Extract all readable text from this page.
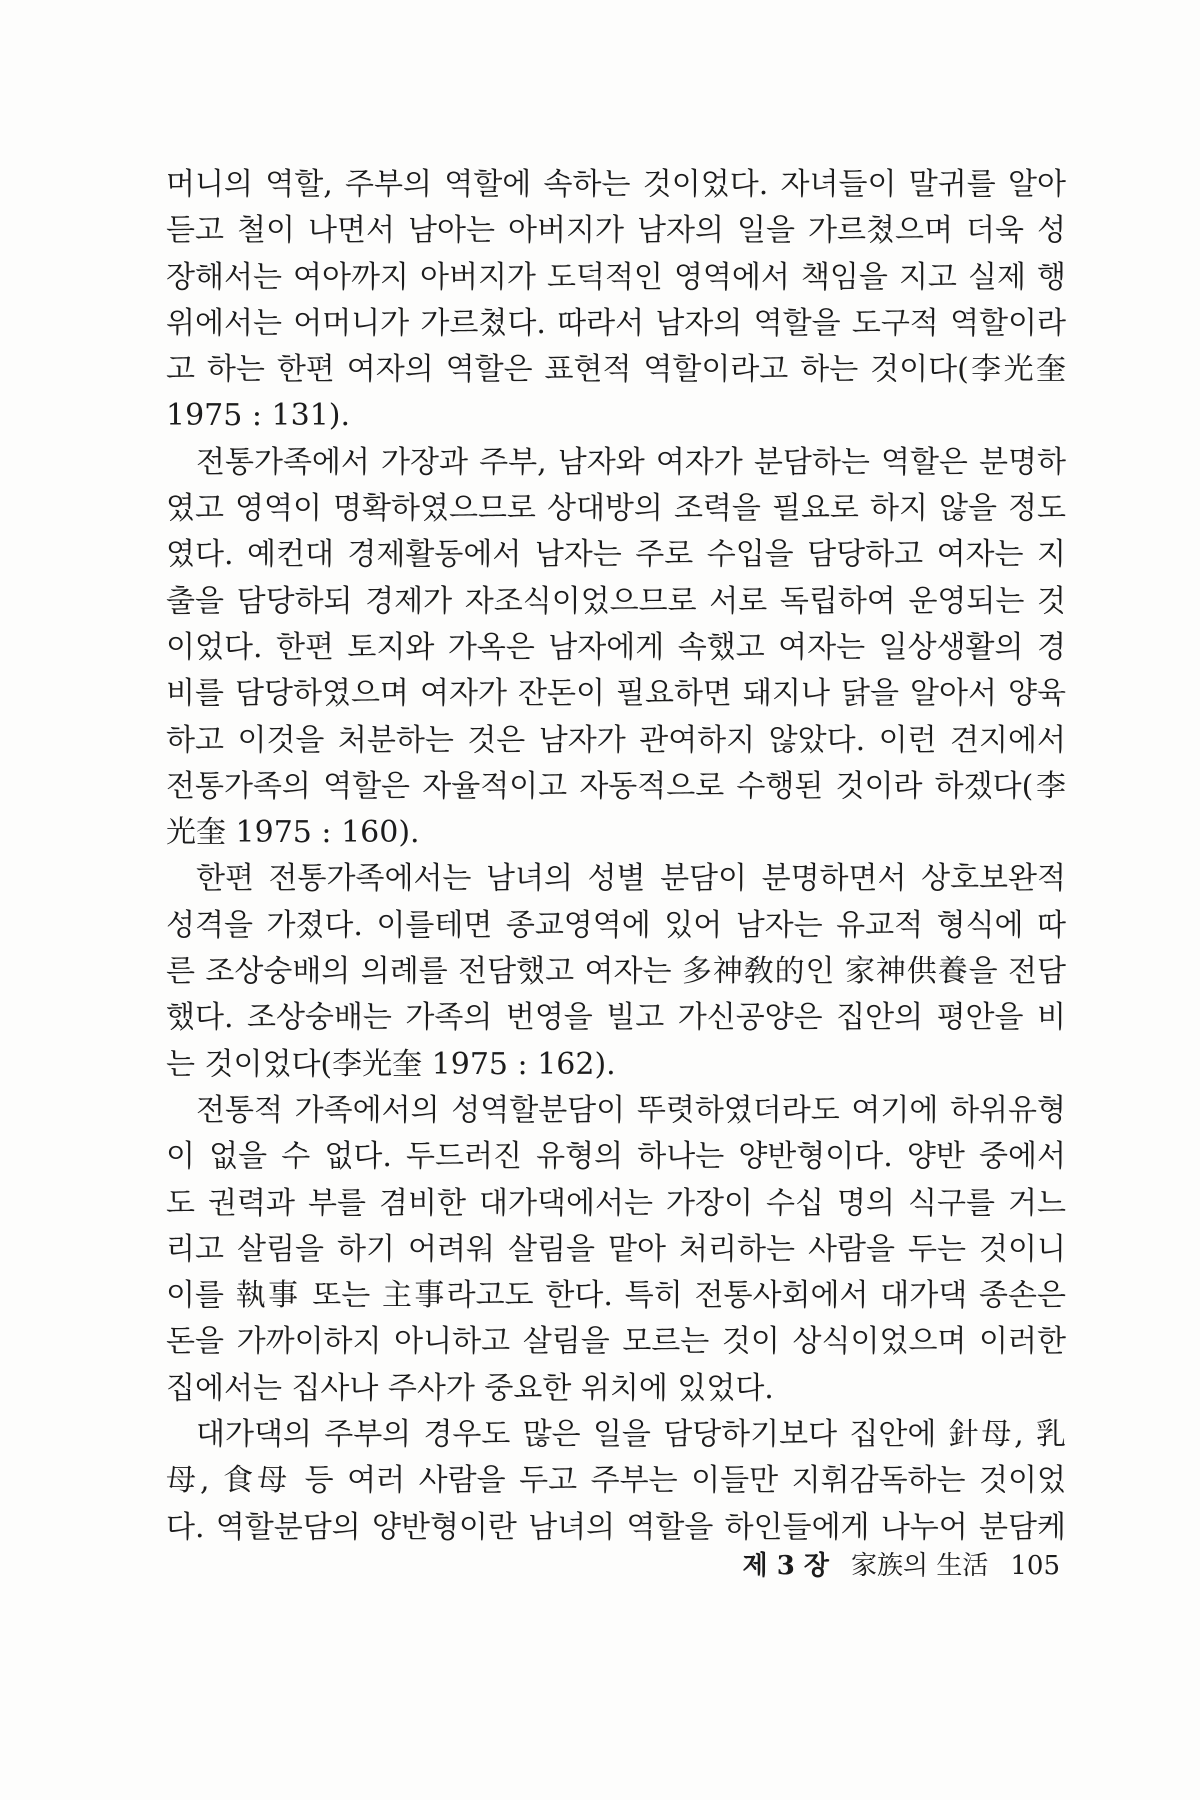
머니의 역할, 주부의 역할에 속하는 것이었다. 자녀들이 말귀를 알아
듣고 철이 나면서 남아는 아버지가 남자의 일을 가르쳤으며 더욱 성
장해서는 여아까지 아버지가 도덕적인 영역에서 책임을 지고 실제 행
위에서는 어머니가 가르쳤다. 따라서 남자의 역할을 도구적 역할이라
고 하는 한편 여자의 역할은 표현적 역할이라고 하는 것이다(李光奎
1975 : 131).
전통가족에서 가장과 주부, 남자와 여자가 분담하는 역할은 분명하
였고 영역이 명확하였으므로 상대방의 조력을 필요로 하지 않을 정도
였다. 예컨대 경제활동에서 남자는 주로 수입을 담당하고 여자는 지
출을 담당하되 경제가 자조식이었으므로 서로 독립하여 운영되는 것
이었다. 한편 토지와 가옥은 남자에게 속했고 여자는 일상생활의 경
비를 담당하였으며 여자가 잔돈이 필요하면 돼지나 닭을 알아서 양육
하고 이것을 처분하는 것은 남자가 관여하지 않았다. 이런 견지에서
전통가족의 역할은 자율적이고 자동적으로 수행된 것이라 하겠다(李
光奎 1975 : 160).
한편 전통가족에서는 남녀의 성별 분담이 분명하면서 상호보완적
성격을 가졌다. 이를테면 종교영역에 있어 남자는 유교적 형식에 따
른 조상숭배의 의례를 전담했고 여자는 多神敎的인 家神供養을 전담
했다. 조상숭배는 가족의 번영을 빌고 가신공양은 집안의 평안을 비
는 것이었다(李光奎 1975 : 162).
전통적 가족에서의 성역할분담이 뚜렷하였더라도 여기에 하위유형
이 없을 수 없다. 두드러진 유형의 하나는 양반형이다. 양반 중에서
도 권력과 부를 겸비한 대가댁에서는 가장이 수십 명의 식구를 거느
리고 살림을 하기 어려워 살림을 맡아 처리하는 사람을 두는 것이니
이를 執事 또는 主事라고도 한다. 특히 전통사회에서 대가댁 종손은
돈을 가까이하지 아니하고 살림을 모르는 것이 상식이었으며 이러한
집에서는 집사나 주사가 중요한 위치에 있었다.
대가댁의 주부의 경우도 많은 일을 담당하기보다 집안에 針母, 乳
母, 食母 등 여러 사람을 두고 주부는 이들만 지휘감독하는 것이었
다. 역할분담의 양반형이란 남녀의 역할을 하인들에게 나누어 분담케
제 3 장 家族의 生活 105
